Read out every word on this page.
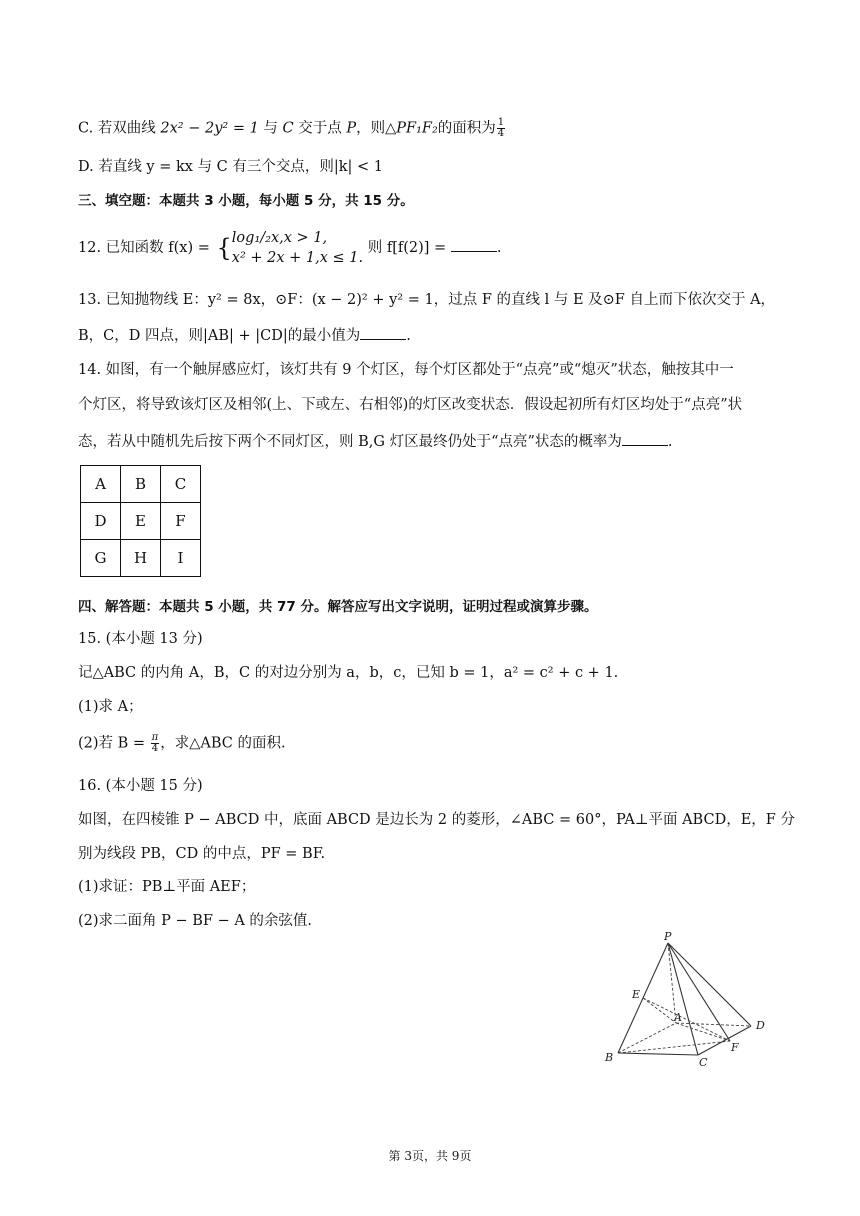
C. 若双曲线 2x² − 2y² = 1 与 C 交于点 P，则△PF₁F₂的面积为 $\frac{1}{4}$
D. 若直线 y = kx 与 C 有三个交点，则|k| < 1
三、填空题：本题共 3 小题，每小题 5 分，共 15 分。
12. 已知函数 f(x) = { log₁/₂x,x > 1,
x² + 2x + 1,x ≤ 1.
则 f[f(2)] =	.
13. 已知抛物线 E：y² = 8x，⊙F：(x − 2)² + y² = 1，过点 F 的直线 l 与 E 及⊙F 自上而下依次交于 A，
B，C，D 四点，则|AB| + |CD|的最小值为	.
14. 如图，有一个触屏感应灯，该灯共有 9 个灯区，每个灯区都处于“点亮”或“熄灭”状态，触按其中一
个灯区，将导致该灯区及相邻(上、下或左、右相邻)的灯区改变状态．假设起初所有灯区均处于“点亮”状
态，若从中随机先后按下两个不同灯区，则 B,G 灯区最终仍处于“点亮”状态的概率为	.
A	B	C
D	E	F
G	H	I
四、解答题：本题共 5 小题，共 77 分。解答应写出文字说明，证明过程或演算步骤。
15. (本小题 13 分)
记△ABC 的内角 A，B，C 的对边分别为 a，b，c，已知 b = 1，a² = c² + c + 1.
(1)求 A；
(2)若 $B = \frac{\pi}{4}$ ，求△ABC 的面积.
16. (本小题 15 分)
如图，在四棱锥 P − ABCD 中，底面 ABCD 是边长为 2 的菱形，∠ABC = 60°，PA⊥平面 ABCD，E，F 分
别为线段 PB，CD 的中点，PF = BF.
(1)求证：PB⊥平面 AEF；
(2)求二面角 P − BF − A 的余弦值.
P
E
A
D
F
B	C
第 3页，共 9页
